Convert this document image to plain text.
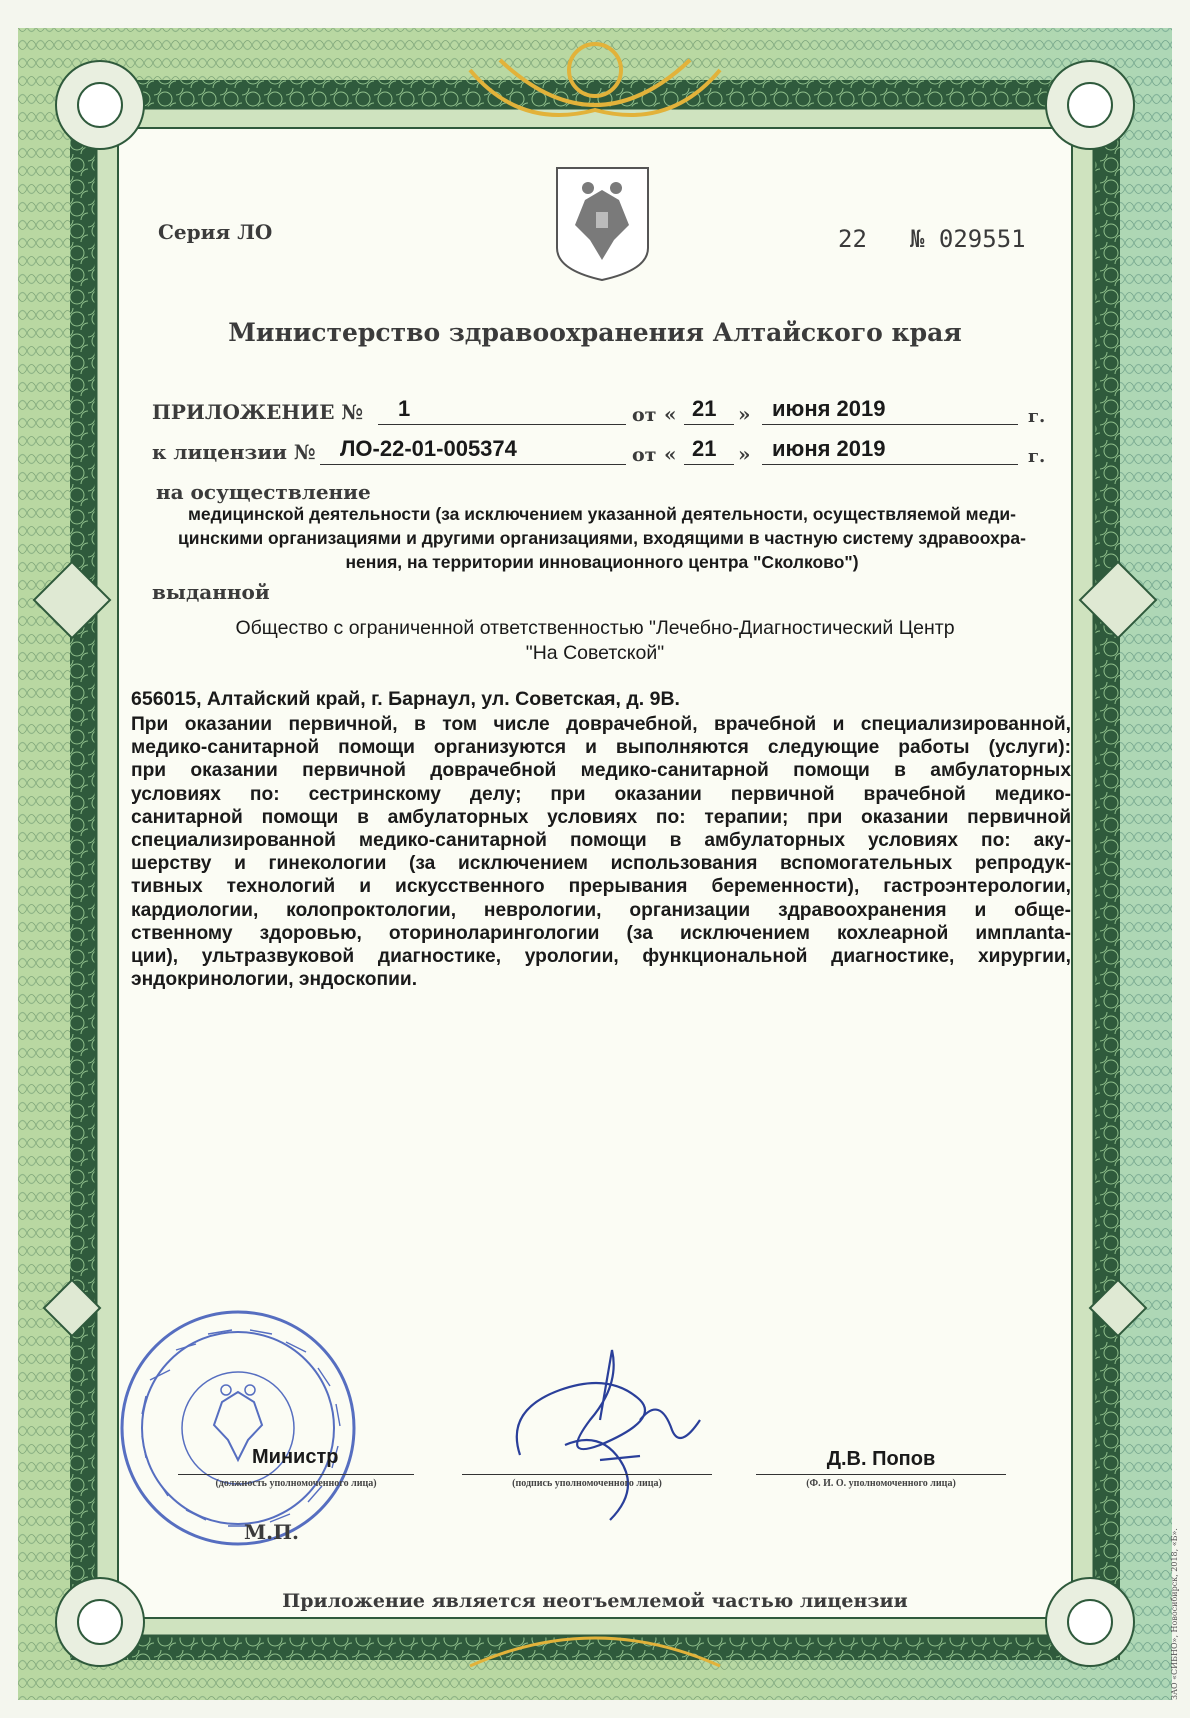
Серия ЛО	22 № 029551
Министерство здравоохранения Алтайского края
ПРИЛОЖЕНИЕ № 1	от « 21 » июня 2019	г.
к лицензии № ЛО-22-01-005374	от « 21 » июня 2019	г.
на осуществление
медицинской деятельности (за исключением указанной деятельности, осуществляемой меди-
цинскими организациями и другими организациями, входящими в частную систему здравоохра-
нения, на территории инновационного центра "Сколково")
выданной
Общество с ограниченной ответственностью "Лечебно-Диагностический Центр
"На Советской"
656015, Алтайский край, г. Барнаул, ул. Советская, д. 9В.
При оказании первичной, в том числе доврачебной, врачебной и специализированной,
медико-санитарной помощи организуются и выполняются следующие работы (услуги):
при оказании первичной доврачебной медико-санитарной помощи в амбулаторных
условиях по: сестринскому делу; при оказании первичной врачебной медико-
санитарной помощи в амбулаторных условиях по: терапии; при оказании первичной
специализированной медико-санитарной помощи в амбулаторных условиях по: аку-
шерству и гинекологии (за исключением использования вспомогательных репродук-
тивных технологий и искусственного прерывания беременности), гастроэнтерологии,
кардиологии, колопроктологии, неврологии, организации здравоохранения и обще-
ственному здоровью, оториноларингологии (за исключением кохлеарной имплanta-
ции), ультразвуковой диагностике, урологии, функциональной диагностике, хирургии,
эндокринологии, эндоскопии.
Министр
(должность уполномоченного лица)	(подпись уполномоченного лица)
Д.В. Попов
(Ф. И. О. уполномоченного лица)
М.П.
Приложение является неотъемлемой частью лицензии	ЗАО «СИБНО», Новосибирск, 2018, «Б».
